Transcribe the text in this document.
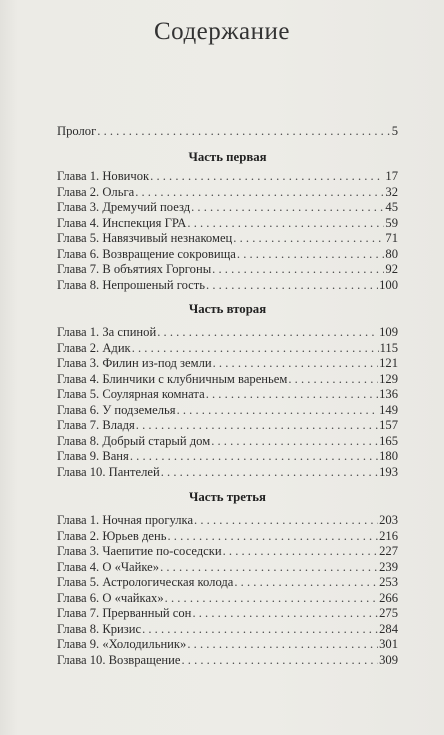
Содержание
Пролог . . .	5
Часть первая
Глава 1. Новичок . . .	17
Глава 2. Ольга . . .	32
Глава 3. Дремучий поезд . . .	45
Глава 4. Инспекция ГРА . . .	59
Глава 5. Навязчивый незнакомец . . .	71
Глава 6. Возвращение сокровища . . .	80
Глава 7. В объятиях Горгоны . . .	92
Глава 8. Непрошеный гость . . .	100
Часть вторая
Глава 1. За спиной . . .	109
Глава 2. Адик . . .	115
Глава 3. Филин из-под земли . . .	121
Глава 4. Блинчики с клубничным вареньем . . .	129
Глава 5. Соулярная комната . . .	136
Глава 6. У подземелья . . .	149
Глава 7. Владя . . .	157
Глава 8. Добрый старый дом . . .	165
Глава 9. Ваня . . .	180
Глава 10. Пантелей . . .	193
Часть третья
Глава 1. Ночная прогулка . . .	203
Глава 2. Юрьев день . . .	216
Глава 3. Чаепитие по-соседски . . .	227
Глава 4. О «Чайке» . . .	239
Глава 5. Астрологическая колода . . .	253
Глава 6. О «чайках» . . .	266
Глава 7. Прерванный сон . . .	275
Глава 8. Кризис . . .	284
Глава 9. «Холодильник» . . .	301
Глава 10. Возвращение . . .	309
